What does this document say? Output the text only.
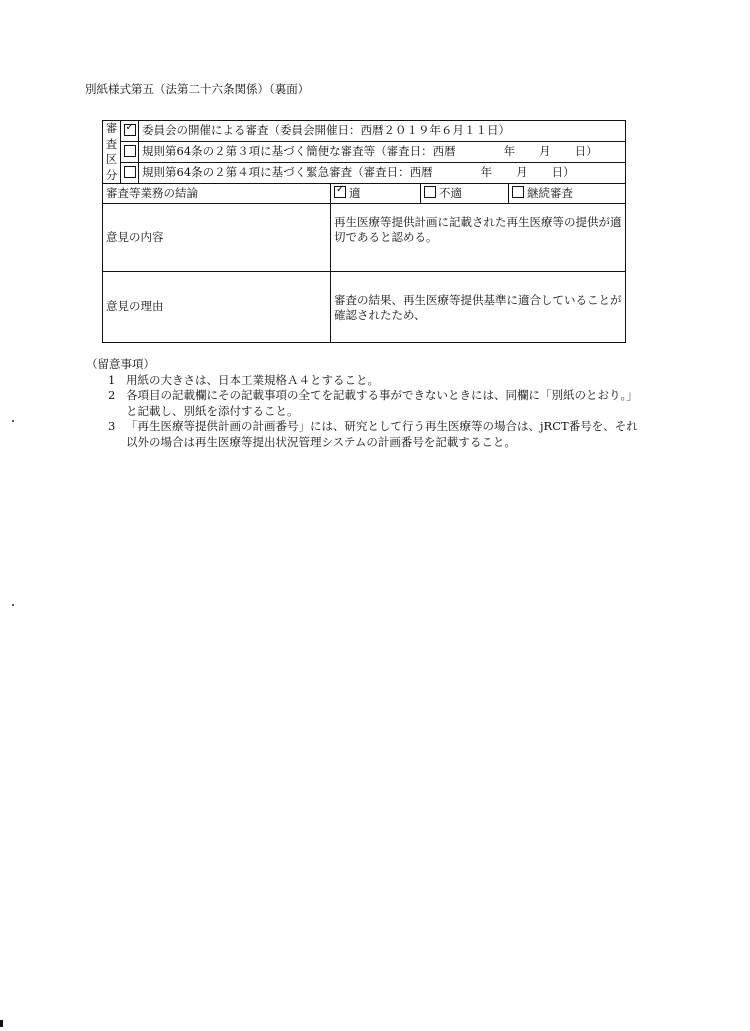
別紙様式第五（法第二十六条関係）（裏面）
審
査
区
分
	✓	委員会の開催による審査（委員会開催日：西暦２０１９年６月１１日）			
		規則第64条の２第３項に基づく簡便な審査等（審査日：西暦 年 月 日）			
		規則第64条の２第４項に基づく緊急審査（審査日：西暦 年 月 日）			
審査等業務の結論	✓適	不適	継続審査
意見の内容			再生医療等提供計画に記載された再生医療等の提供が適切であると認める。		
意見の理由			審査の結果、再生医療等提供基準に適合していることが確認されたため、		
（留意事項）
1 用紙の大きさは、日本工業規格Ａ４とすること。
2 各項目の記載欄にその記載事項の全てを記載する事ができないときには、同欄に「別紙のとおり。」と記載し、別紙を添付すること。
3 「再生医療等提供計画の計画番号」には、研究として行う再生医療等の場合は、jRCT番号を、それ以外の場合は再生医療等提出状況管理システムの計画番号を記載すること。
